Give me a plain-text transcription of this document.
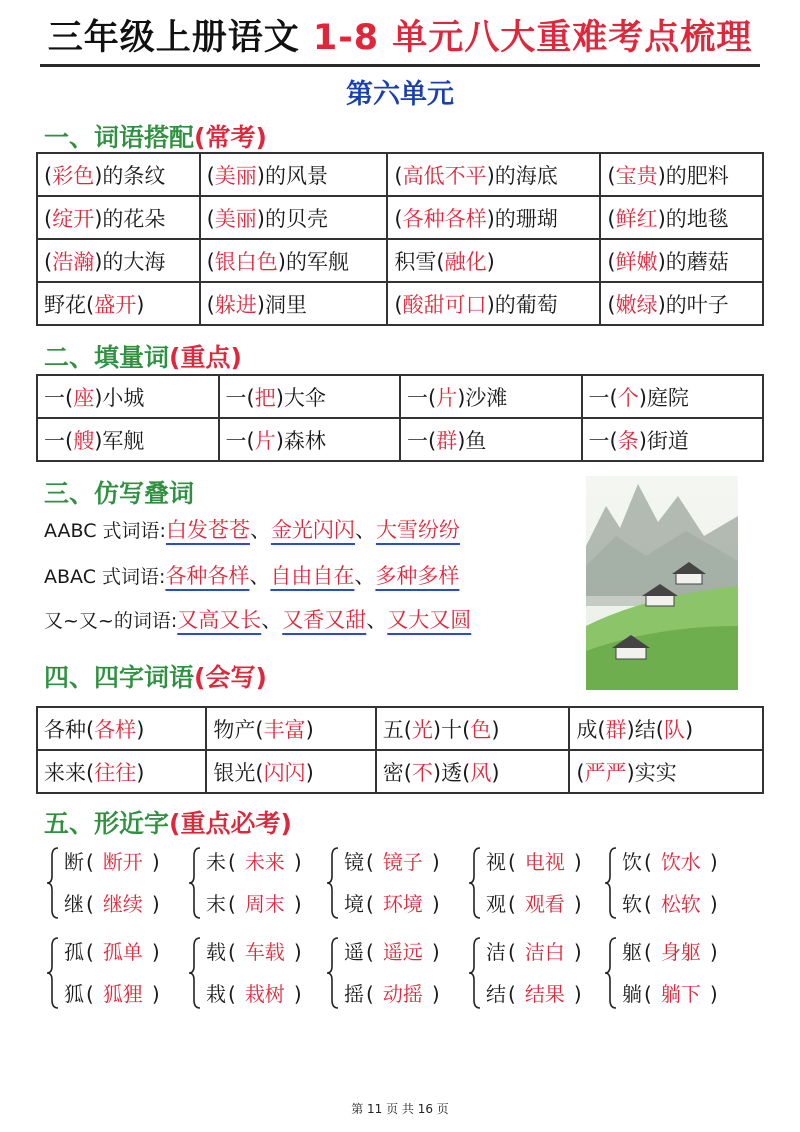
三年级上册语文 1-8 单元八大重难考点梳理
第六单元
一、词语搭配(常考)
(彩色)的条纹	(美丽)的风景	(高低不平)的海底	(宝贵)的肥料
(绽开)的花朵	(美丽)的贝壳	(各种各样)的珊瑚	(鲜红)的地毯
(浩瀚)的大海	(银白色)的军舰	积雪(融化)	(鲜嫩)的蘑菇
野花(盛开)	(躲进)洞里	(酸甜可口)的葡萄	(嫩绿)的叶子
二、填量词(重点)
一(座)小城	一(把)大伞	一(片)沙滩	一(个)庭院
一(艘)军舰	一(片)森林	一(群)鱼	一(条)街道
三、仿写叠词
AABC 式词语:白发苍苍、金光闪闪、大雪纷纷
ABAC 式词语:各种各样、自由自在、多种多样
又~又~的词语:又高又长、又香又甜、又大又圆
四、四字词语(会写)
各种(各样)	物产(丰富)	五(光)十(色)	成(群)结(队)
来来(往往)	银光(闪闪)	密(不)透(风)	(严严)实实
五、形近字(重点必考)
断 ( 断开 )
继 ( 继续 )
未 ( 未来 )
末 ( 周末 )
镜 ( 镜子 )
境 ( 环境 )
视 ( 电视 )
观 ( 观看 )
饮 ( 饮水 )
软 ( 松软 )
孤 ( 孤单 )
狐 ( 狐狸 )
载 ( 车载 )
栽 ( 栽树 )
遥 ( 遥远 )
摇 ( 动摇 )
洁 ( 洁白 )
结 ( 结果 )
躯 ( 身躯 )
躺 ( 躺下 )
第 11 页 共 16 页
